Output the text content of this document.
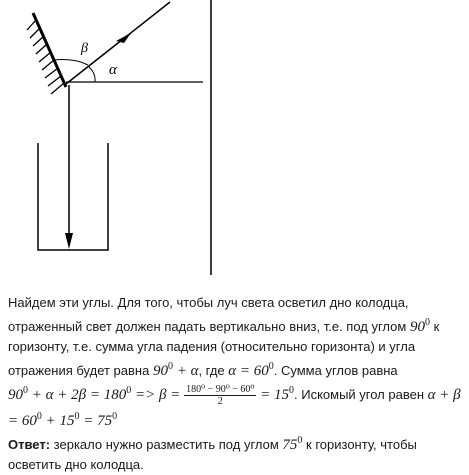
β
α

Найдем эти углы. Для того, чтобы луч света осветил дно колодца, отраженный свет должен падать вертикально вниз, т.е. под углом $90^0$ к горизонту, т.е. сумма угла падения (относительно горизонта) и угла отражения будет равна $90^0 + \alpha$, где $\alpha = 60^0$. Сумма углов равна
$90^0 + \alpha + 2\beta = 180^0 => \beta = \frac{\text{180⁰ − 90⁰ − 60⁰}}{2} = 15^0$. Искомый угол равен $\alpha + \beta = 60^0 + 15^0 = 75^0$

Ответ: зеркало нужно разместить под углом $75^0$ к горизонту, чтобы осветить дно колодца.
